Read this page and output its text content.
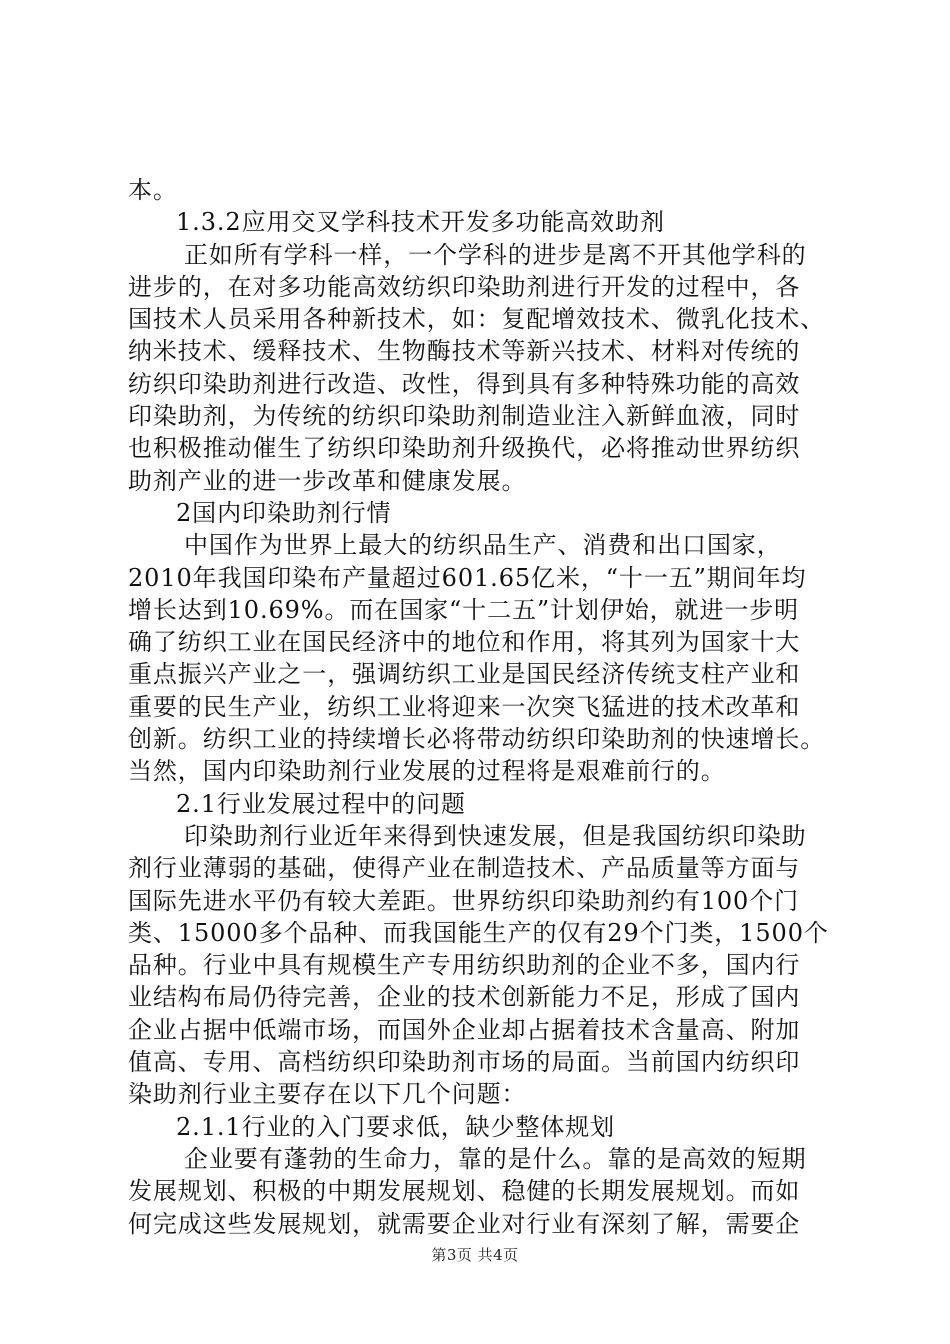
本。
1.3.2应用交叉学科技术开发多功能高效助剂
正如所有学科一样，一个学科的进步是离不开其他学科的
进步的，在对多功能高效纺织印染助剂进行开发的过程中，各
国技术人员采用各种新技术，如：复配增效技术、微乳化技术、
纳米技术、缓释技术、生物酶技术等新兴技术、材料对传统的
纺织印染助剂进行改造、改性，得到具有多种特殊功能的高效
印染助剂，为传统的纺织印染助剂制造业注入新鲜血液，同时
也积极推动催生了纺织印染助剂升级换代，必将推动世界纺织
助剂产业的进一步改革和健康发展。
2国内印染助剂行情
中国作为世界上最大的纺织品生产、消费和出口国家，
2010年我国印染布产量超过601.65亿米，“十一五”期间年均
增长达到10.69%。而在国家“十二五”计划伊始，就进一步明
确了纺织工业在国民经济中的地位和作用，将其列为国家十大
重点振兴产业之一，强调纺织工业是国民经济传统支柱产业和
重要的民生产业，纺织工业将迎来一次突飞猛进的技术改革和
创新。纺织工业的持续增长必将带动纺织印染助剂的快速增长。
当然，国内印染助剂行业发展的过程将是艰难前行的。
2.1行业发展过程中的问题
印染助剂行业近年来得到快速发展，但是我国纺织印染助
剂行业薄弱的基础，使得产业在制造技术、产品质量等方面与
国际先进水平仍有较大差距。世界纺织印染助剂约有100个门
类、15000多个品种、而我国能生产的仅有29个门类，1500个
品种。行业中具有规模生产专用纺织助剂的企业不多，国内行
业结构布局仍待完善，企业的技术创新能力不足，形成了国内
企业占据中低端市场，而国外企业却占据着技术含量高、附加
值高、专用、高档纺织印染助剂市场的局面。当前国内纺织印
染助剂行业主要存在以下几个问题：
2.1.1行业的入门要求低，缺少整体规划
企业要有蓬勃的生命力，靠的是什么。靠的是高效的短期
发展规划、积极的中期发展规划、稳健的长期发展规划。而如
何完成这些发展规划，就需要企业对行业有深刻了解，需要企
第3页 共4页
